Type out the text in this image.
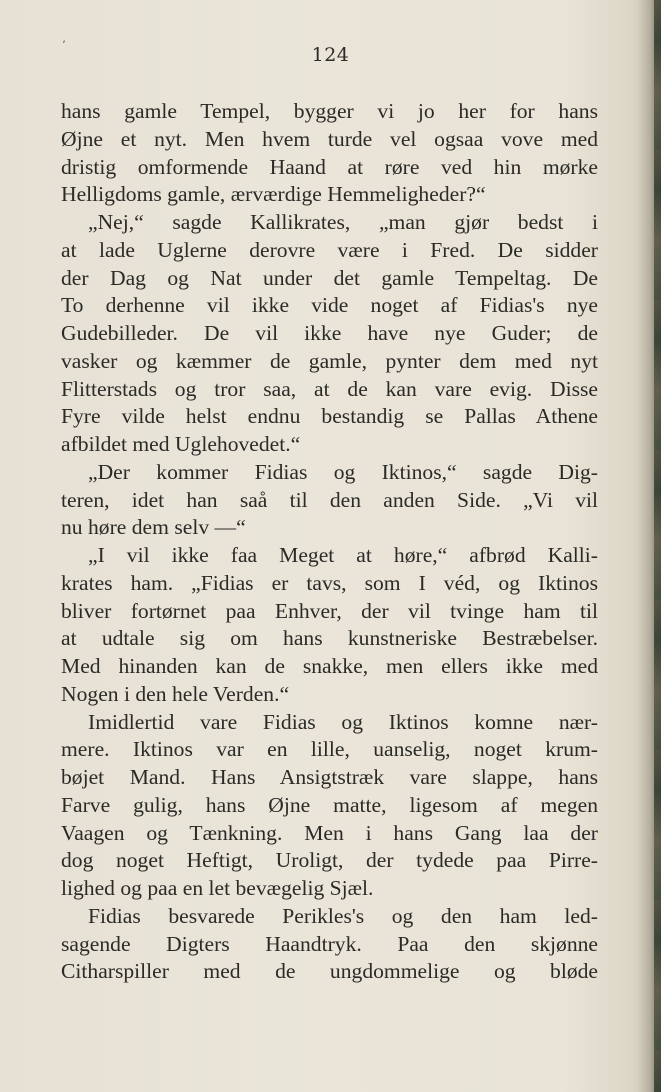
ʼ	124
hans gamle Tempel, bygger vi jo her for hans
Øjne et nyt. Men hvem turde vel ogsaa vove med
dristig omformende Haand at røre ved hin mørke
Helligdoms gamle, ærværdige Hemmeligheder?“
„Nej,“ sagde Kallikrates, „man gjør bedst i
at lade Uglerne derovre være i Fred. De sidder
der Dag og Nat under det gamle Tempeltag. De
To derhenne vil ikke vide noget af Fidias's nye
Gudebilleder. De vil ikke have nye Guder; de
vasker og kæmmer de gamle, pynter dem med nyt
Flitterstads og tror saa, at de kan vare evig. Disse
Fyre vilde helst endnu bestandig se Pallas Athene
afbildet med Uglehovedet.“
„Der kommer Fidias og Iktinos,“ sagde Dig-
teren, idet han saå til den anden Side. „Vi vil
nu høre dem selv —“
„I vil ikke faa Meget at høre,“ afbrød Kalli-
krates ham. „Fidias er tavs, som I véd, og Iktinos
bliver fortørnet paa Enhver, der vil tvinge ham til
at udtale sig om hans kunstneriske Bestræbelser.
Med hinanden kan de snakke, men ellers ikke med
Nogen i den hele Verden.“
Imidlertid vare Fidias og Iktinos komne nær-
mere. Iktinos var en lille, uanselig, noget krum-
bøjet Mand. Hans Ansigtstræk vare slappe, hans
Farve gulig, hans Øjne matte, ligesom af megen
Vaagen og Tænkning. Men i hans Gang laa der
dog noget Heftigt, Uroligt, der tydede paa Pirre-
lighed og paa en let bevægelig Sjæl.
Fidias besvarede Perikles's og den ham led-
sagende Digters Haandtryk. Paa den skjønne
Citharspiller med de ungdommelige og bløde
